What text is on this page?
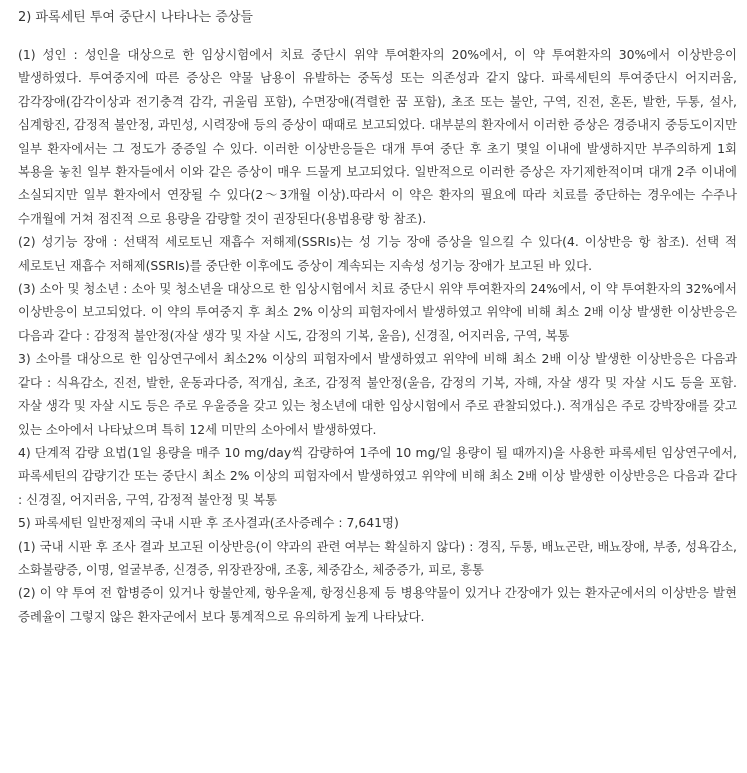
2) 파록세틴 투여 중단시 나타나는 증상들

(1) 성인 : 성인을 대상으로 한 임상시험에서 치료 중단시 위약 투여환자의 20%에서, 이 약 투여환자의 30%에서 이상반응이 발생하였다. 투여중지에 따른 증상은 약물 남용이 유발하는 중독성 또는 의존성과 같지 않다. 파록세틴의 투여중단시 어지러움, 감각장애(감각이상과 전기충격 감각, 귀울림 포함), 수면장애(격렬한 꿈 포함), 초조 또는 불안, 구역, 진전, 혼돈, 발한, 두통, 설사, 심계항진, 감정적 불안정, 과민성, 시력장애 등의 증상이 때때로 보고되었다. 대부분의 환자에서 이러한 증상은 경증내지 중등도이지만 일부 환자에서는 그 정도가 중증일 수 있다. 이러한 이상반응들은 대개 투여 중단 후 초기 몇일 이내에 발생하지만 부주의하게 1회 복용을 놓친 일부 환자들에서 이와 같은 증상이 매우 드물게 보고되었다. 일반적으로 이러한 증상은 자기제한적이며 대개 2주 이내에 소실되지만 일부 환자에서 연장될 수 있다(2～3개월 이상).따라서 이 약은 환자의 필요에 따라 치료를 중단하는 경우에는 수주나 수개월에 거쳐 점진적 으로 용량을 감량할 것이 권장된다(용법용량 항 참조).

(2) 성기능 장애 : 선택적 세로토닌 재흡수 저해제(SSRIs)는 성 기능 장애 증상을 일으킬 수 있다(4. 이상반응 항 참조). 선택 적 세로토닌 재흡수 저해제(SSRIs)를 중단한 이후에도 증상이 계속되는 지속성 성기능 장애가 보고된 바 있다.

(3) 소아 및 청소년 : 소아 및 청소년을 대상으로 한 임상시험에서 치료 중단시 위약 투여환자의 24%에서, 이 약 투여환자의 32%에서 이상반응이 보고되었다. 이 약의 투여중지 후 최소 2% 이상의 피험자에서 발생하였고 위약에 비해 최소 2배 이상 발생한 이상반응은 다음과 같다 : 감정적 불안정(자살 생각 및 자살 시도, 감정의 기복, 울음), 신경질, 어지러움, 구역, 복통

3) 소아를 대상으로 한 임상연구에서 최소2% 이상의 피험자에서 발생하였고 위약에 비해 최소 2배 이상 발생한 이상반응은 다음과 같다 : 식욕감소, 진전, 발한, 운동과다증, 적개심, 초조, 감정적 불안정(울음, 감정의 기복, 자해, 자살 생각 및 자살 시도 등을 포함. 자살 생각 및 자살 시도 등은 주로 우울증을 갖고 있는 청소년에 대한 임상시험에서 주로 관찰되었다.). 적개심은 주로 강박장애를 갖고 있는 소아에서 나타났으며 특히 12세 미만의 소아에서 발생하였다.

4) 단계적 감량 요법(1일 용량을 매주 10 mg/day씩 감량하여 1주에 10 mg/일 용량이 될 때까지)을 사용한 파록세틴 임상연구에서, 파록세틴의 감량기간 또는 중단시 최소 2% 이상의 피험자에서 발생하였고 위약에 비해 최소 2배 이상 발생한 이상반응은 다음과 같다 : 신경질, 어지러움, 구역, 감정적 불안정 및 복통

5) 파록세틴 일반정제의 국내 시판 후 조사결과(조사증례수 : 7,641명)

(1) 국내 시판 후 조사 결과 보고된 이상반응(이 약과의 관련 여부는 확실하지 않다) : 경직, 두통, 배뇨곤란, 배뇨장애, 부종, 성욕감소, 소화불량증, 이명, 얼굴부종, 신경증, 위장관장애, 조홍, 체중감소, 체중증가, 피로, 흥통

(2) 이 약 투여 전 합병증이 있거나 항불안제, 항우울제, 항정신용제 등 병용약물이 있거나 간장애가 있는 환자군에서의 이상반응 발현 증례율이 그렇지 않은 환자군에서 보다 통계적으로 유의하게 높게 나타났다.
